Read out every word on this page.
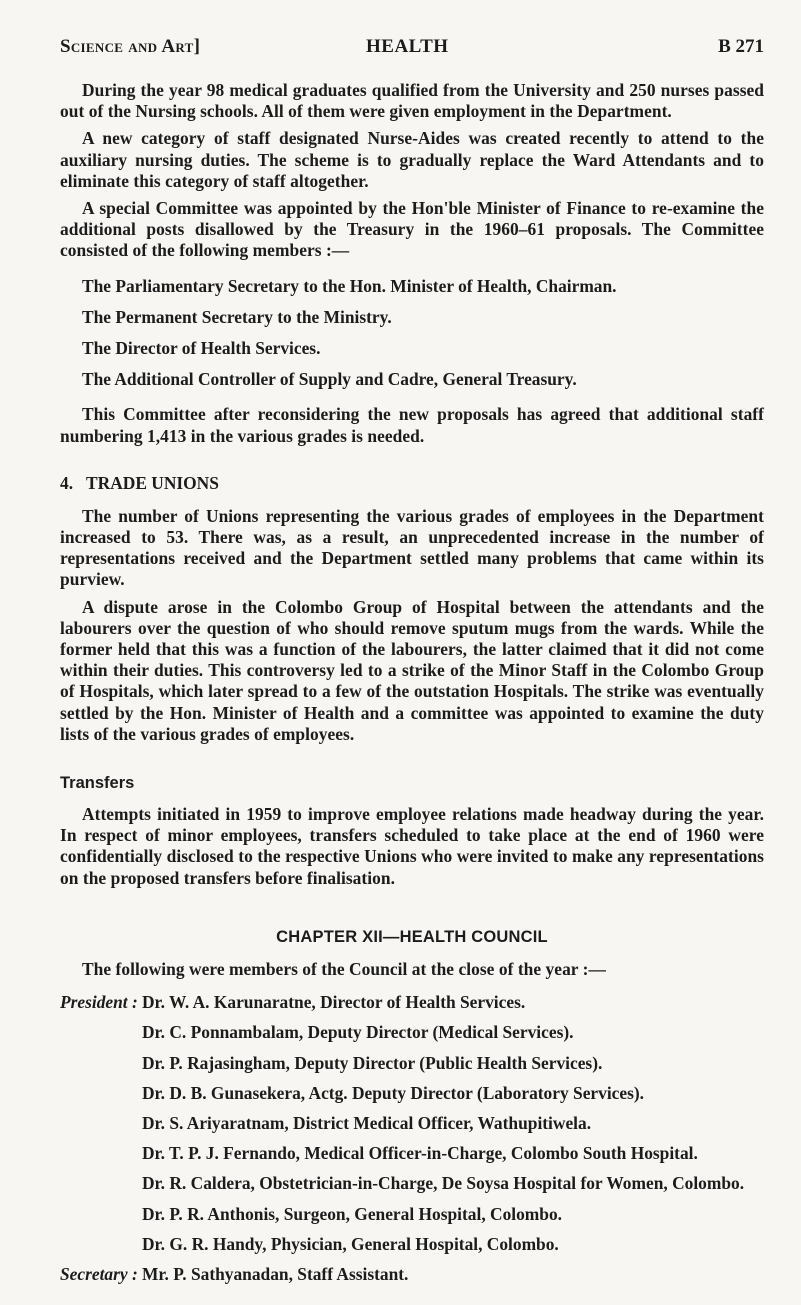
Science and Art]	HEALTH	B 271

During the year 98 medical graduates qualified from the University and 250 nurses passed out of the Nursing schools. All of them were given employment in the Department.

A new category of staff designated Nurse-Aides was created recently to attend to the auxiliary nursing duties. The scheme is to gradually replace the Ward Attendants and to eliminate this category of staff altogether.

A special Committee was appointed by the Hon'ble Minister of Finance to re-examine the additional posts disallowed by the Treasury in the 1960–61 proposals. The Committee consisted of the following members :—

The Parliamentary Secretary to the Hon. Minister of Health, Chairman.
The Permanent Secretary to the Ministry.
The Director of Health Services.
The Additional Controller of Supply and Cadre, General Treasury.

This Committee after reconsidering the new proposals has agreed that additional staff numbering 1,413 in the various grades is needed.

4. TRADE UNIONS

The number of Unions representing the various grades of employees in the Department increased to 53. There was, as a result, an unprecedented increase in the number of representations received and the Department settled many problems that came within its purview.

A dispute arose in the Colombo Group of Hospital between the attendants and the labourers over the question of who should remove sputum mugs from the wards. While the former held that this was a function of the labourers, the latter claimed that it did not come within their duties. This controversy led to a strike of the Minor Staff in the Colombo Group of Hospitals, which later spread to a few of the outstation Hospitals. The strike was eventually settled by the Hon. Minister of Health and a committee was appointed to examine the duty lists of the various grades of employees.

Transfers

Attempts initiated in 1959 to improve employee relations made headway during the year. In respect of minor employees, transfers scheduled to take place at the end of 1960 were confidentially disclosed to the respective Unions who were invited to make any representations on the proposed transfers before finalisation.

CHAPTER XII—HEALTH COUNCIL

The following were members of the Council at the close of the year :—

President : Dr. W. A. Karunaratne, Director of Health Services.
Dr. C. Ponnambalam, Deputy Director (Medical Services).
Dr. P. Rajasingham, Deputy Director (Public Health Services).
Dr. D. B. Gunasekera, Actg. Deputy Director (Laboratory Services).
Dr. S. Ariyaratnam, District Medical Officer, Wathupitiwela.
Dr. T. P. J. Fernando, Medical Officer-in-Charge, Colombo South Hospital.
Dr. R. Caldera, Obstetrician-in-Charge, De Soysa Hospital for Women, Colombo.
Dr. P. R. Anthonis, Surgeon, General Hospital, Colombo.
Dr. G. R. Handy, Physician, General Hospital, Colombo.
Secretary : Mr. P. Sathyanadan, Staff Assistant.
